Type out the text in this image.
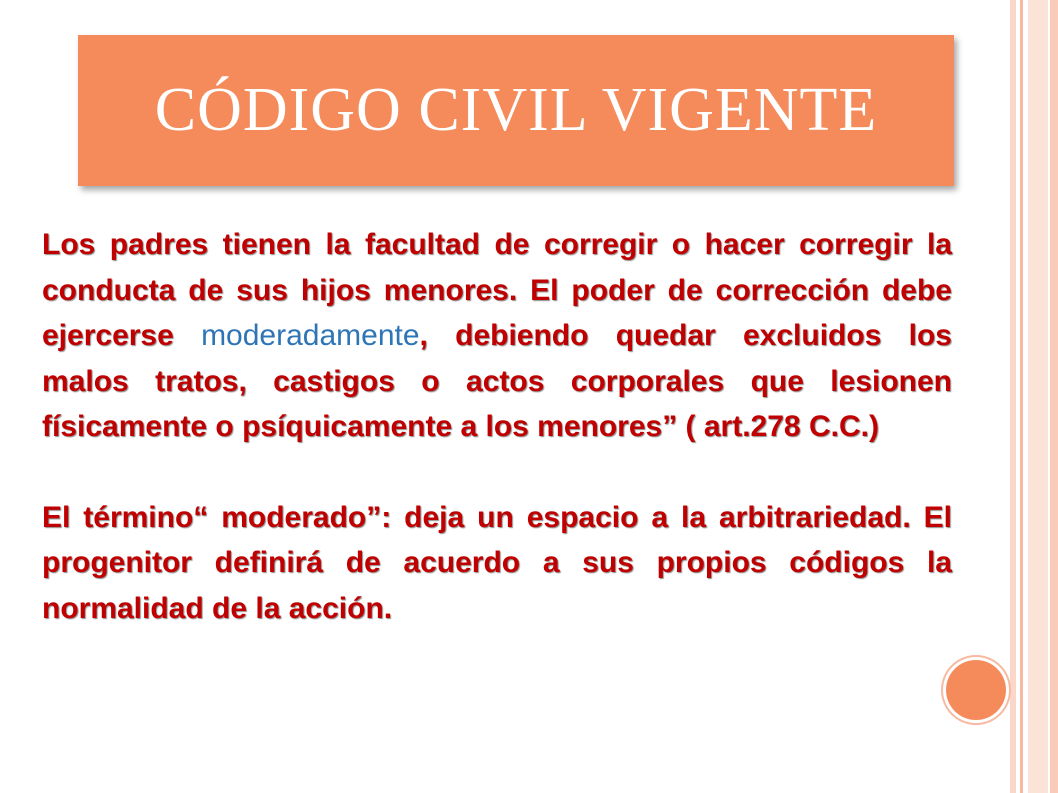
CÓDIGO CIVIL VIGENTE

Los padres tienen la facultad de corregir o hacer corregir la conducta de sus hijos menores. El poder de corrección debe ejercerse moderadamente, debiendo quedar excluidos los malos tratos, castigos o actos corporales que lesionen físicamente o psíquicamente a los menores” ( art.278 C.C.)

El término“ moderado”: deja un espacio a la arbitrariedad. El progenitor definirá de acuerdo a sus propios códigos la normalidad de la acción.
